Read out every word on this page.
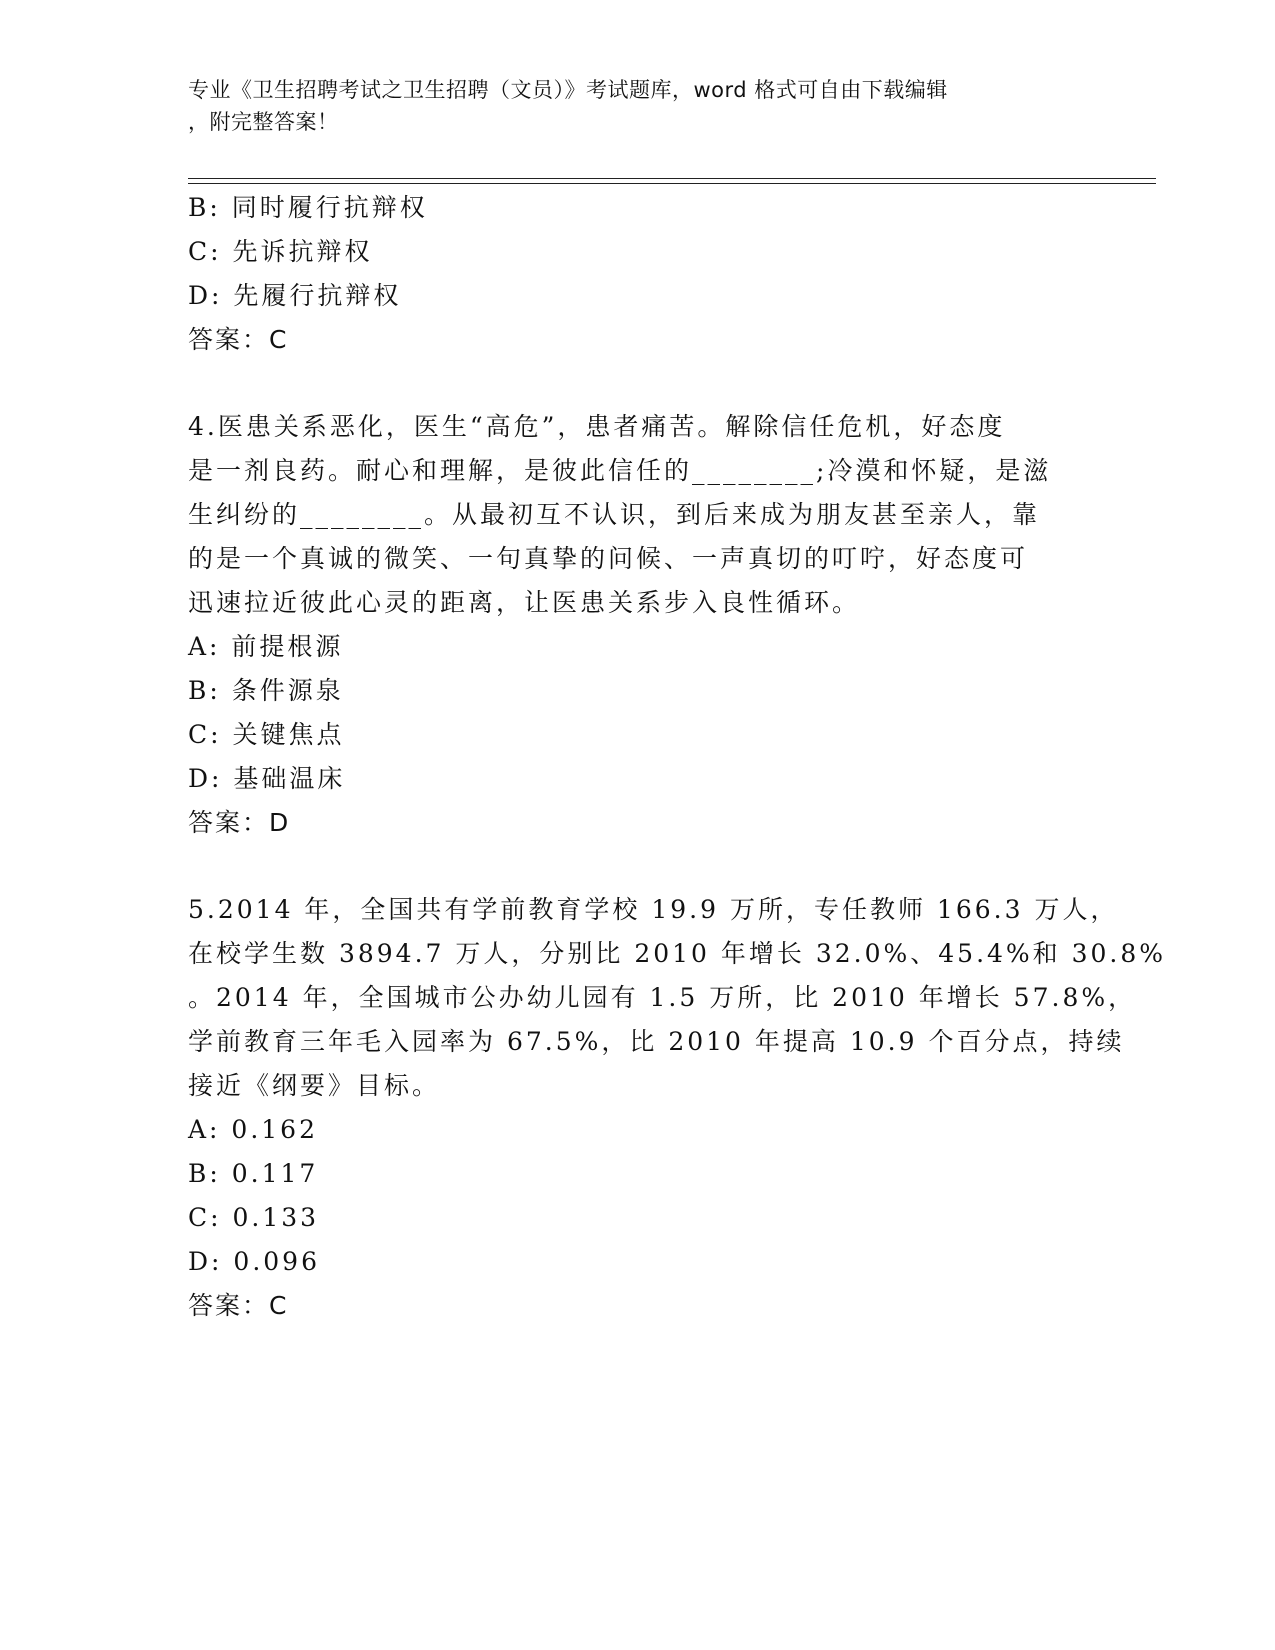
专业《卫生招聘考试之卫生招聘（文员）》考试题库，word 格式可自由下载编辑
，附完整答案！
B: 同时履行抗辩权
C: 先诉抗辩权
D: 先履行抗辩权
答案：C
4.医患关系恶化，医生“高危”，患者痛苦。解除信任危机，好态度
是一剂良药。耐心和理解，是彼此信任的________;冷漠和怀疑，是滋
生纠纷的________。从最初互不认识，到后来成为朋友甚至亲人，靠
的是一个真诚的微笑、一句真挚的问候、一声真切的叮咛，好态度可
迅速拉近彼此心灵的距离，让医患关系步入良性循环。
A: 前提根源
B: 条件源泉
C: 关键焦点
D: 基础温床
答案：D
5.2014 年，全国共有学前教育学校 19.9 万所，专任教师 166.3 万人，
在校学生数 3894.7 万人，分别比 2010 年增长 32.0%、45.4%和 30.8%
。2014 年，全国城市公办幼儿园有 1.5 万所，比 2010 年增长 57.8%，
学前教育三年毛入园率为 67.5%，比 2010 年提高 10.9 个百分点，持续
接近《纲要》目标。
A: 0.162
B: 0.117
C: 0.133
D: 0.096
答案：C
